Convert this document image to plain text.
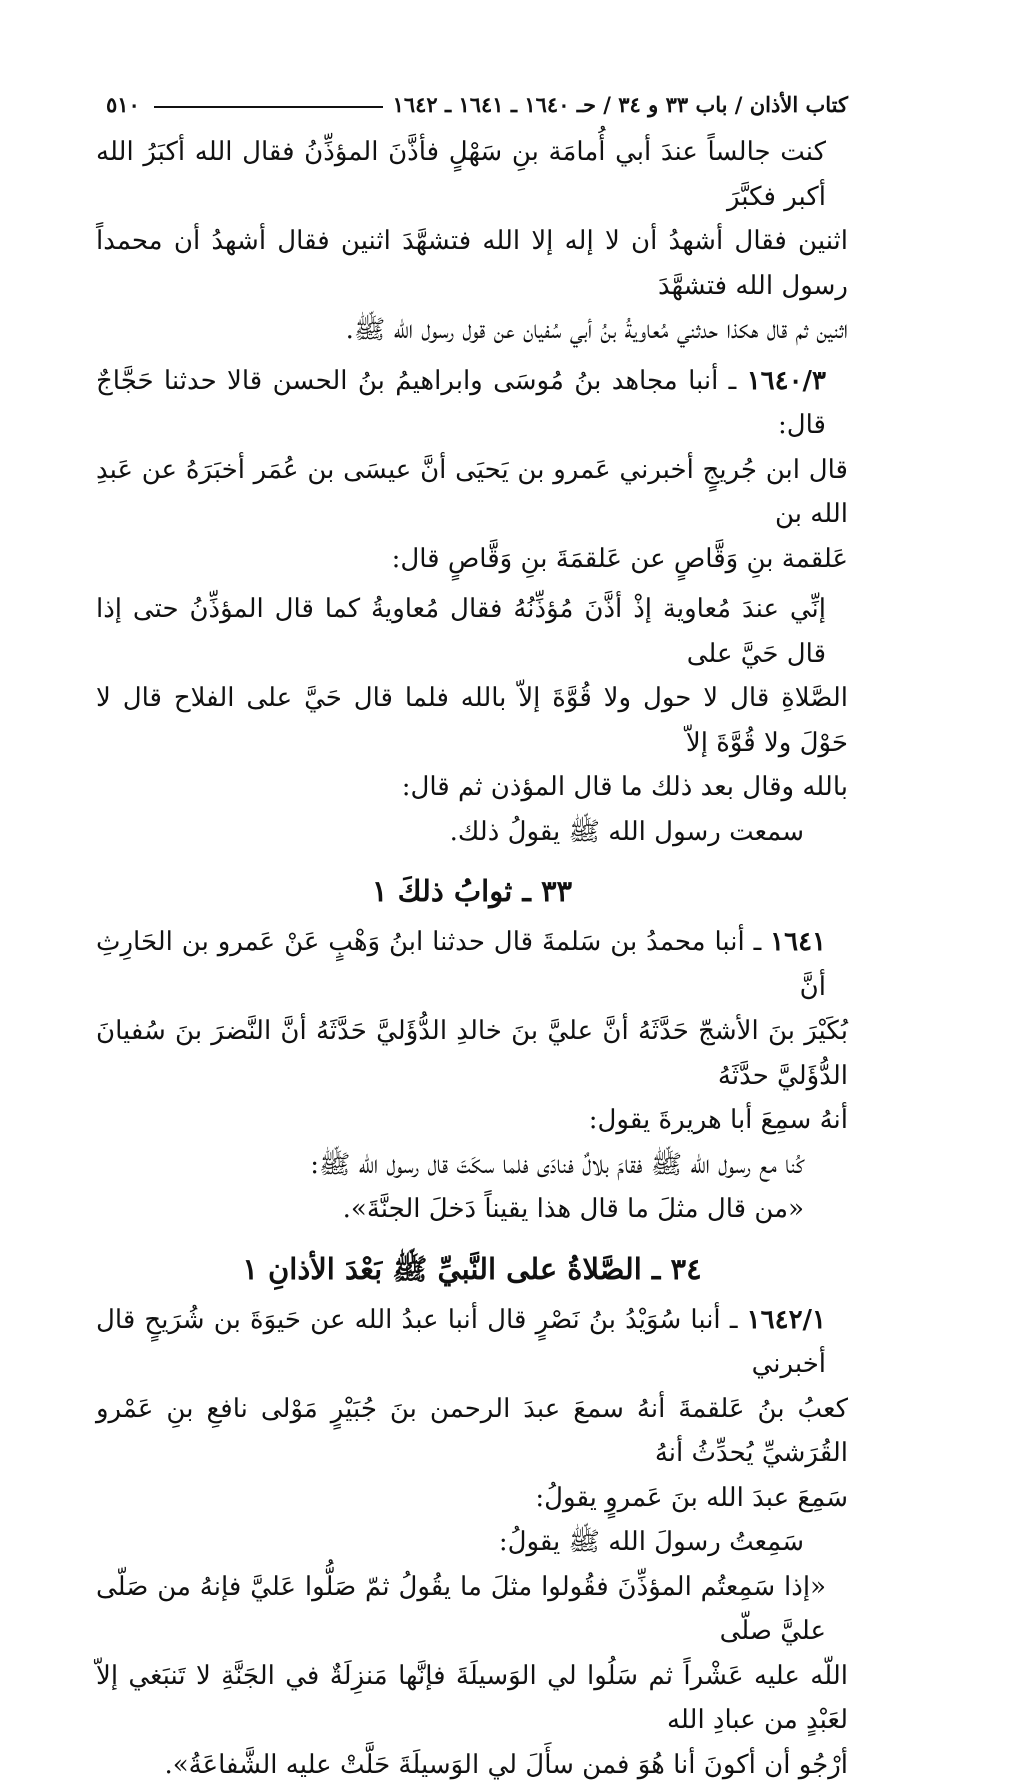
كتاب الأذان / باب ٣٣ و ٣٤ / حـ ١٦٤٠ ـ ١٦٤١ ـ ١٦٤٢
٥١٠

كنت جالساً عندَ أبي أُمامَة بنِ سَهْلٍ فأذَّنَ المؤذِّنُ فقال الله أكبَرُ الله أكبر فكبَّرَ

اثنين فقال أشهدُ أن لا إله إلا الله فتشهَّدَ اثنين فقال أشهدُ أن محمداً رسول الله فتشهَّدَ

اثنين ثم قال هكذا حدثني مُعاويةُ بنُ أبي سُفيان عن قول رسول الله ﷺ.

١٦٤٠/٣ ـ أنبا مجاهد بنُ مُوسَى وابراهيمُ بنُ الحسن قالا حدثنا حَجَّاجٌ قال:

قال ابن جُريجٍ أخبرني عَمرو بن يَحيَى أنَّ عيسَى بن عُمَر أخبَرَهُ عن عَبدِ الله بن

عَلقمة بنِ وَقَّاصٍ عن عَلقمَةَ بنِ وَقَّاصٍ قال:

إنِّي عندَ مُعاوية إذْ أذَّنَ مُؤذِّنُهُ فقال مُعاويةُ كما قال المؤذِّنُ حتى إذا قال حَيَّ على

الصَّلاةِ قال لا حول ولا قُوَّةَ إلاّ بالله فلما قال حَيَّ على الفلاح قال لا حَوْلَ ولا قُوَّةَ إلاّ

بالله وقال بعد ذلك ما قال المؤذن ثم قال:

سمعت رسول الله ﷺ يقولُ ذلك.

٣٣ ـ ثوابُ ذلكَ ١

١٦٤١ ـ أنبا محمدُ بن سَلمةَ قال حدثنا ابنُ وَهْبٍ عَنْ عَمرو بن الحَارِثِ أنَّ

بُكَيْرَ بنَ الأشجّ حَدَّثَهُ أنَّ عليَّ بنَ خالدِ الدُّؤَليَّ حَدَّثَهُ أنَّ النَّضرَ بنَ سُفيانَ الدُّؤَليَّ حدَّثَهُ

أنهُ سمِعَ أبا هريرةَ يقول:

كُنا مع رسول الله ﷺ فقامَ بلالٌ فنادَى فلما سكَتَ قال رسول الله ﷺ:

«من قال مثلَ ما قال هذا يقيناً دَخلَ الجنَّةَ».

٣٤ ـ الصَّلاةُ على النَّبيِّ ﷺ بَعْدَ الأذانِ ١

١٦٤٢/١ ـ أنبا سُوَيْدُ بنُ نَصْرٍ قال أنبا عبدُ الله عن حَيوَةَ بن شُرَيحٍ قال أخبرني

كعبُ بنُ عَلقمةَ أنهُ سمعَ عبدَ الرحمن بنَ جُبَيْرٍ مَوْلى نافعِ بنِ عَمْرو القُرَشيِّ يُحدِّثُ أنهُ

سَمِعَ عبدَ الله بنَ عَمروٍ يقولُ:

سَمِعتُ رسولَ الله ﷺ يقولُ:

«إذا سَمِعتُم المؤذِّنَ فقُولوا مثلَ ما يقُولُ ثمّ صَلُّوا عَليَّ فإنهُ من صَلّى عليَّ صلّى

اللّه عليه عَشْراً ثم سَلُوا لي الوَسيلَةَ فإنَّها مَنزِلَةٌ في الجَنَّةِ لا تَنبَغي إلاّ لعَبْدٍ من عبادِ الله

أرْجُو أن أكونَ أنا هُوَ فمن سأَلَ لي الوَسيلَةَ حَلَّتْ عليه الشَّفاعَةُ».
